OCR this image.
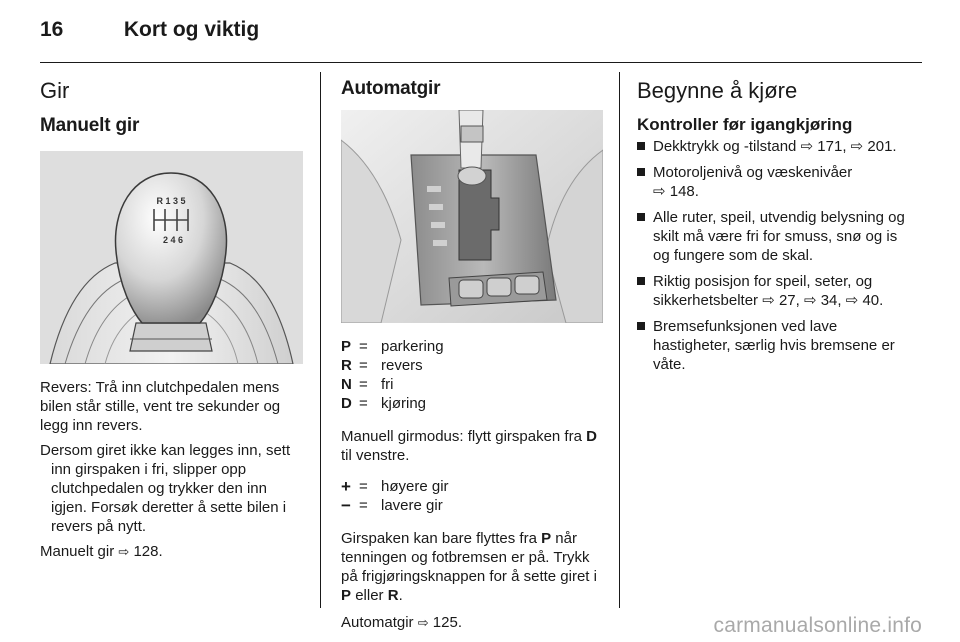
16	Kort og viktig
Gir
Manuelt gir
R 1 3 5
2 4 6

Revers: Trå inn clutchpedalen mens bilen står stille, vent tre sekunder og legg inn revers.

Dersom giret ikke kan legges inn, sett inn girspaken i fri, slipper opp clutchpedalen og trykker den inn igjen. Forsøk deretter å sette bilen i revers på nytt.

Manuelt gir ⇨ 128.

Automatgir
P = parkering
R = revers
N = fri
D = kjøring

Manuell girmodus: flytt girspaken fra D til venstre.

+ = høyere gir
− = lavere gir

Girspaken kan bare flyttes fra P når tenningen og fotbremsen er på. Trykk på frigjøringsknappen for å sette giret i P eller R.

Automatgir ⇨ 125.

Begynne å kjøre
Kontroller før igangkjøring
Dekktrykk og -tilstand ⇨ 171, ⇨ 201.
Motoroljenivå og væskenivåer
⇨ 148.
Alle ruter, speil, utvendig belysning og skilt må være fri for smuss, snø og is og fungere som de skal.
Riktig posisjon for speil, seter, og sikkerhetsbelter ⇨ 27, ⇨ 34, ⇨ 40.
Bremsefunksjonen ved lave hastigheter, særlig hvis bremsene er våte.
carmanualsonline.info
